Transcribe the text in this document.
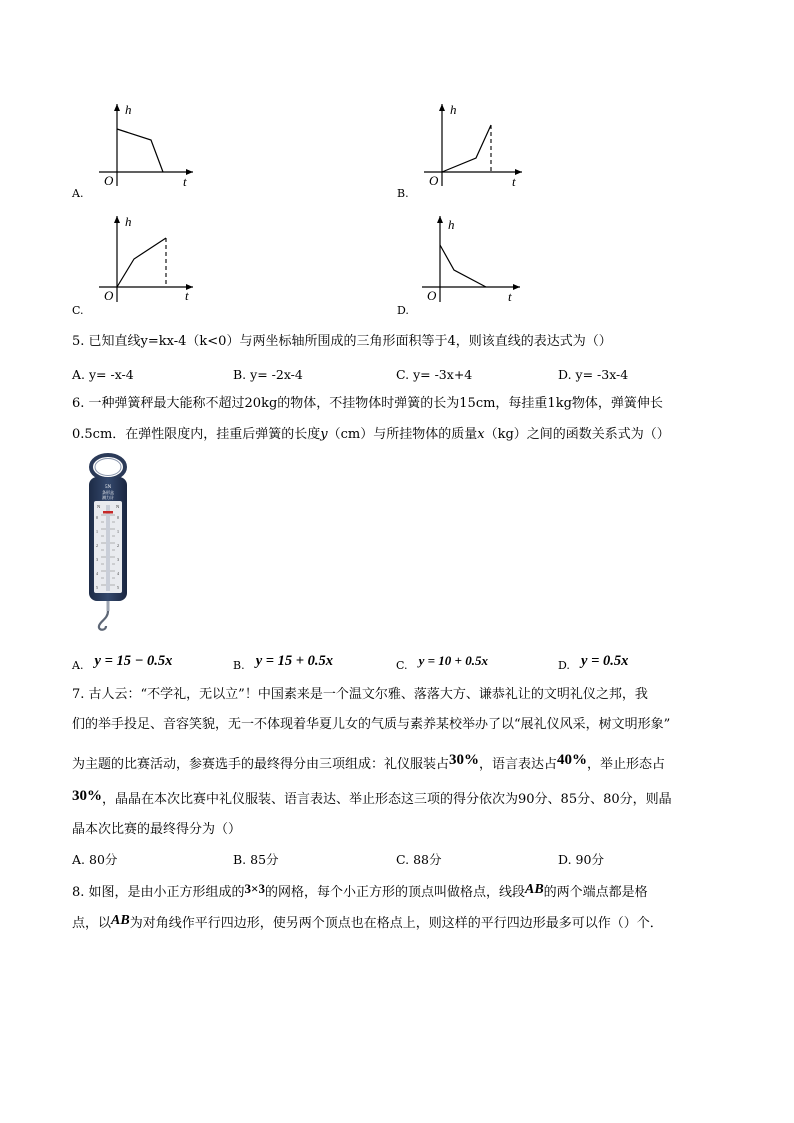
h
O	t
A.
h
O	t
B.
h
O	t
C.
h
O	t
D.
5. 已知直线y=kx-4（k<0）与两坐标轴所围成的三角形面积等于4，则该直线的表达式为（）
A. y= -x-4	B. y= -2x-4	C. y= -3x+4	D. y= -3x-4
6. 一种弹簧秤最大能称不超过20kg的物体，不挂物体时弹簧的长为15cm，每挂重1kg物体，弹簧伸长
0.5cm．在弹性限度内，挂重后弹簧的长度y（cm）与所挂物体的质量x（kg）之间的函数关系式为（）
5N
条形盒
测力计
N	N
0
1
2
3
4
5
0
1
2
3
4
5
$_{A.}$ y = 15 − 0.5x	$_{B.}$ y = 15 + 0.5x	$_{C.}$ y = 10 + 0.5x	$_{D.}$ y = 0.5x
7. 古人云：“不学礼，无以立”！中国素来是一个温文尔雅、落落大方、谦恭礼让的文明礼仪之邦，我
们的举手投足、音容笑貌，无一不体现着华夏儿女的气质与素养某校举办了以“展礼仪风采，树文明形象”
为主题的比赛活动，参赛选手的最终得分由三项组成：礼仪服装占30%，语言表达占40%，举止形态占
30%，晶晶在本次比赛中礼仪服装、语言表达、举止形态这三项的得分依次为90分、85分、80分，则晶
晶本次比赛的最终得分为（）
A. 80分	B. 85分	C. 88分	D. 90分
8. 如图，是由小正方形组成的3×3的网格，每个小正方形的顶点叫做格点，线段AB的两个端点都是格
点，以AB为对角线作平行四边形，使另两个顶点也在格点上，则这样的平行四边形最多可以作（）个．
